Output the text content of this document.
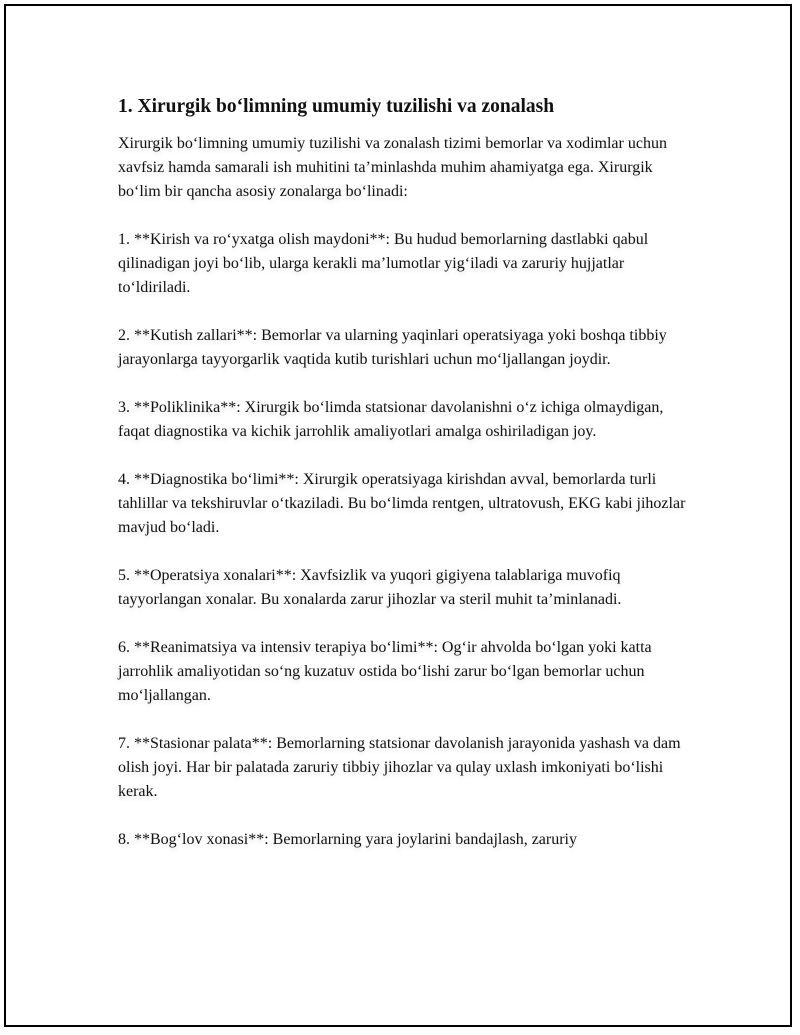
1. Xirurgik bo‘limning umumiy tuzilishi va zonalash

Xirurgik bo‘limning umumiy tuzilishi va zonalash tizimi bemorlar va xodimlar uchun xavfsiz hamda samarali ish muhitini ta’minlashda muhim ahamiyatga ega. Xirurgik bo‘lim bir qancha asosiy zonalarga bo‘linadi:

1. **Kirish va ro‘yxatga olish maydoni**: Bu hudud bemorlarning dastlabki qabul qilinadigan joyi bo‘lib, ularga kerakli ma’lumotlar yig‘iladi va zaruriy hujjatlar to‘ldiriladi.

2. **Kutish zallari**: Bemorlar va ularning yaqinlari operatsiyaga yoki boshqa tibbiy jarayonlarga tayyorgarlik vaqtida kutib turishlari uchun mo‘ljallangan joydir.

3. **Poliklinika**: Xirurgik bo‘limda statsionar davolanishni o‘z ichiga olmaydigan, faqat diagnostika va kichik jarrohlik amaliyotlari amalga oshiriladigan joy.

4. **Diagnostika bo‘limi**: Xirurgik operatsiyaga kirishdan avval, bemorlarda turli tahlillar va tekshiruvlar o‘tkaziladi. Bu bo‘limda rentgen, ultratovush, EKG kabi jihozlar mavjud bo‘ladi.

5. **Operatsiya xonalari**: Xavfsizlik va yuqori gigiyena talablariga muvofiq tayyorlangan xonalar. Bu xonalarda zarur jihozlar va steril muhit ta’minlanadi.

6. **Reanimatsiya va intensiv terapiya bo‘limi**: Og‘ir ahvolda bo‘lgan yoki katta jarrohlik amaliyotidan so‘ng kuzatuv ostida bo‘lishi zarur bo‘lgan bemorlar uchun mo‘ljallangan.

7. **Stasionar palata**: Bemorlarning statsionar davolanish jarayonida yashash va dam olish joyi. Har bir palatada zaruriy tibbiy jihozlar va qulay uxlash imkoniyati bo‘lishi kerak.

8. **Bog‘lov xonasi**: Bemorlarning yara joylarini bandajlash, zaruriy
